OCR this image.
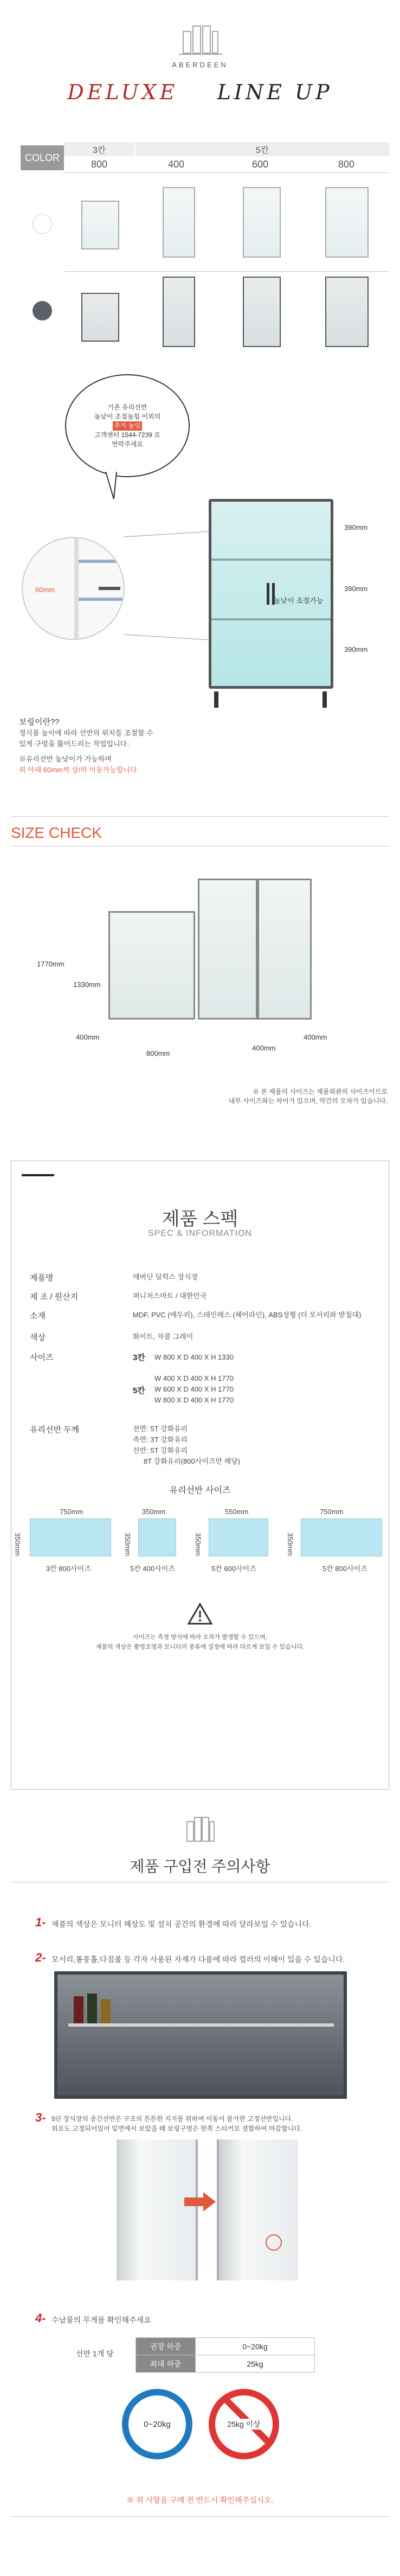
ABERDEEN
DELUXE LINE UP
COLOR
3칸	5칸
800	400	600	800
기존 유리선반
높낮이 조절높힘 이외의
추가 높임
고객센터 1544-7239 로
연락주세요
60mm
높낮이 조절가능
390mm
390mm
390mm
보링이란??
정식품 높이에 따라 선반의 위치를 조절할 수
있게 구멍을 뚫어드리는 작업입니다.
※유리선반 높낮이가 가능하며
위 아래 60mm씩 상/하 이동가능합니다
SIZE CHECK
1770mm
1330mm
400mm
800mm
400mm
400mm
※ 본 제품의 사이즈는 제품외관의 사이즈이므로
내부 사이즈와는 차이가 있으며, 약간의 오차가 있습니다.
제품 스펙
SPEC & INFORMATION
제품명	애버딘 딜럭스 장식장
제 조 / 원산지	퍼니처스마트 / 대한민국
소재	MDF, PVC (에두리), 스테인레스 (헤어라인), ABS성형 (더 모서리와 받침대)
색상	화이트, 차콜 그레이
사이즈	3칸 W 800 X D 400 X H 1330
5칸
W 400 X D 400 X H 1770
W 600 X D 400 X H 1770
W 800 X D 400 X H 1770
유리선반 두께	전면: 5T 강화유리
측면: 3T 강화유리
선반: 5T 강화유리
8T 강화유리(800사이즈만 해당)
유리선반 사이즈
750mm
350mm
3칸 800사이즈
350mm
350mm
5칸 400사이즈
550mm
350mm
5칸 600사이즈
750mm
350mm
5칸 800사이즈
사이즈는 측정 방식에 따라 오차가 발생할 수 있으며,
제품의 색상은 촬영조명과 모니터의 종류에 설정에 따라 다르게 보일 수 있습니다.
제품 구입전 주의사항
1- 제품의 색상은 모니터 해상도 및 설치 공간의 환경에 따라 달라보일 수 있습니다.
2- 모서리,통풍홀,다짐볼 등 각자 사용된 자재가 다름에 따라 컬러의 이해이 있을 수 있습니다.
3- 5단 장식장의 중간선반은 구조의 튼튼한 지지를 위하여 이동이 불가한 고정선반입니다.
위로도 고정되어있어 밑면에서 보았을 때 보링구멍은 한쪽 스티커로 결합하여 마감합니다.
4- 수납물의 무게를 확인해주세요
선반 1개 당
권장 하중	0~20kg
최대 하중	25kg
0~20kg	25kg 이상
※ 위 사항을 구매 전 반드시 확인해주십시오.
